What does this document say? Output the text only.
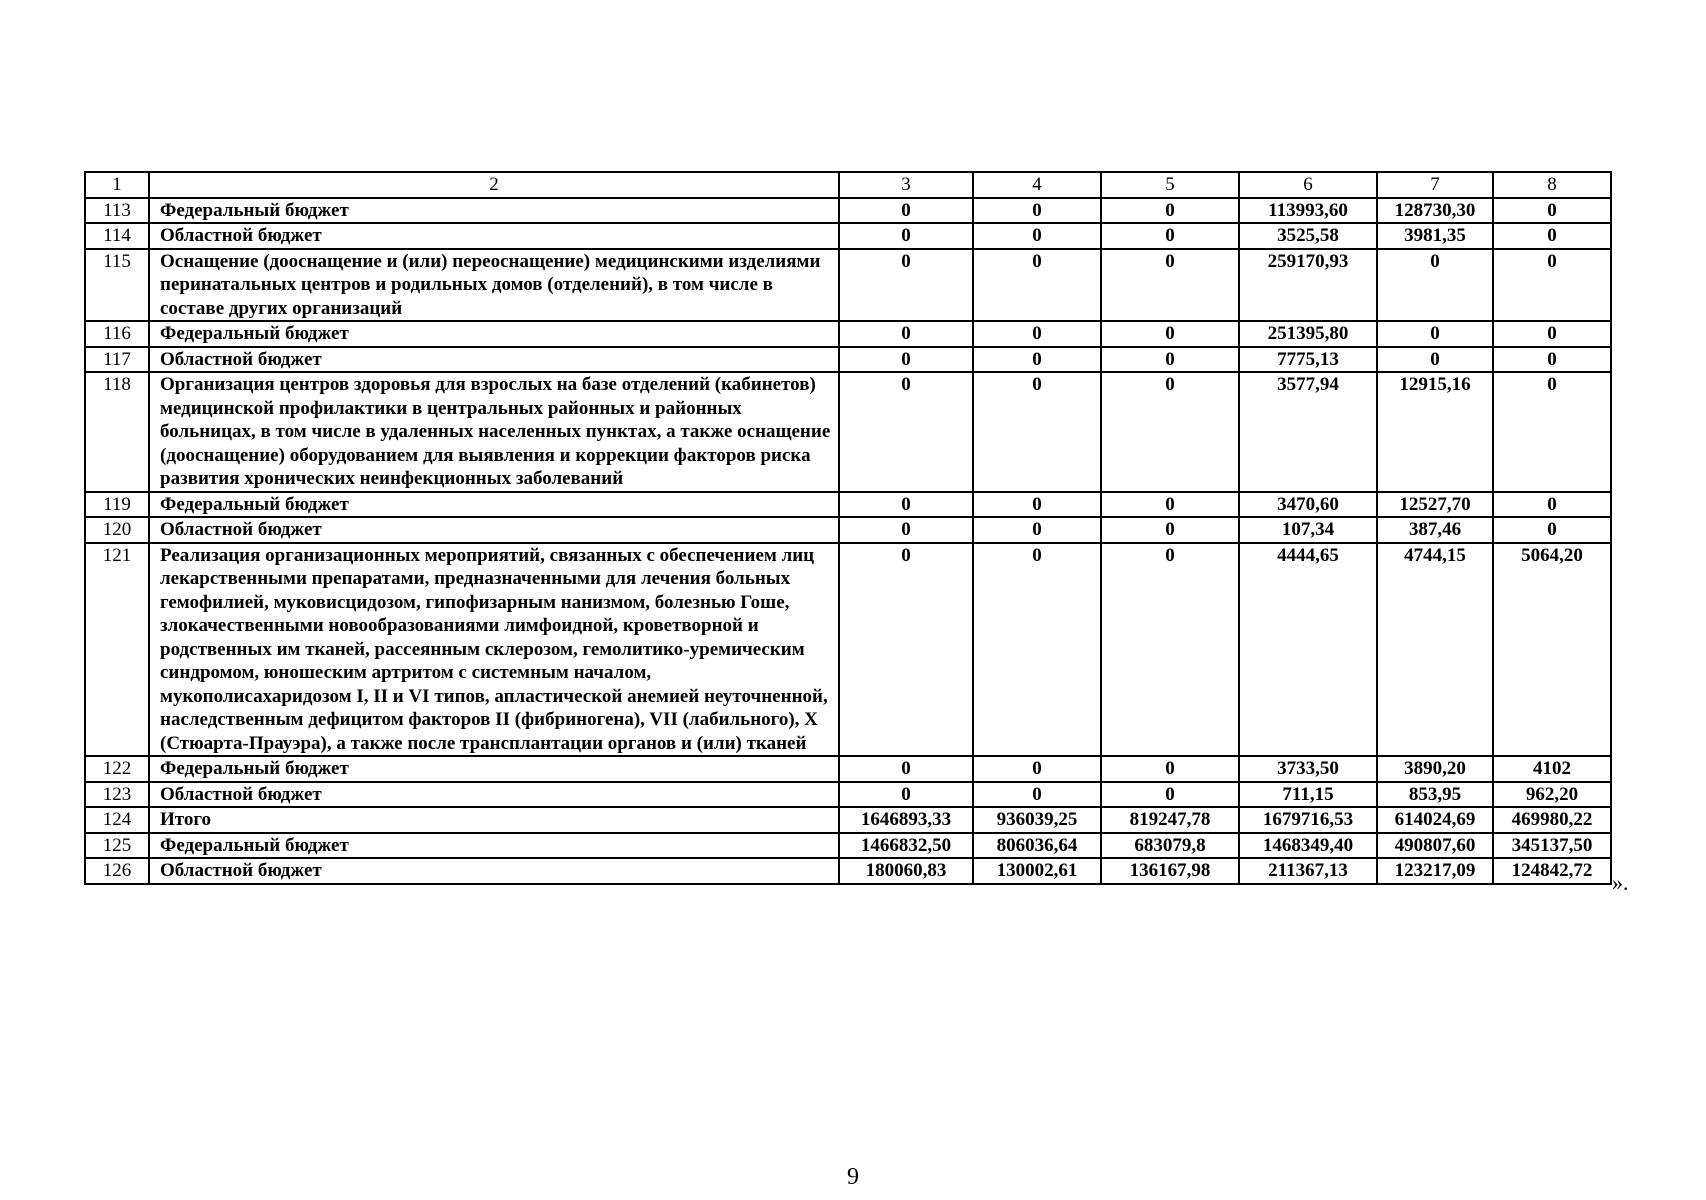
1	2	3	4	5	6	7	8
113	Федеральный бюджет	0	0	0	113993,60	128730,30	0
114	Областной бюджет	0	0	0	3525,58	3981,35	0
115	Оснащение (дооснащение и (или) переоснащение) медицинскими изделиями перинатальных центров и родильных домов (отделений), в том числе в составе других организаций	0	0	0	259170,93	0	0
116	Федеральный бюджет	0	0	0	251395,80	0	0
117	Областной бюджет	0	0	0	7775,13	0	0
118	Организация центров здоровья для взрослых на базе отделений (кабинетов) медицинской профилактики в центральных районных и районных больницах, в том числе в удаленных населенных пунктах, а также оснащение (дооснащение) оборудованием для выявления и коррекции факторов риска развития хронических неинфекционных заболеваний	0	0	0	3577,94	12915,16	0
119	Федеральный бюджет	0	0	0	3470,60	12527,70	0
120	Областной бюджет	0	0	0	107,34	387,46	0
121	Реализация организационных мероприятий, связанных с обеспечением лиц лекарственными препаратами, предназначенными для лечения больных гемофилией, муковисцидозом, гипофизарным нанизмом, болезнью Гоше, злокачественными новообразованиями лимфоидной, кроветворной и родственных им тканей, рассеянным склерозом, гемолитико-уремическим синдромом, юношеским артритом с системным началом, мукополисахаридозом I, II и VI типов, апластической анемией неуточненной, наследственным дефицитом факторов II (фибриногена), VII (лабильного), X (Стюарта-Прауэра), а также после трансплантации органов и (или) тканей	0	0	0	4444,65	4744,15	5064,20
122	Федеральный бюджет	0	0	0	3733,50	3890,20	4102
123	Областной бюджет	0	0	0	711,15	853,95	962,20
124	Итого	1646893,33	936039,25	819247,78	1679716,53	614024,69	469980,22
125	Федеральный бюджет	1466832,50	806036,64	683079,8	1468349,40	490807,60	345137,50
126	Областной бюджет	180060,83	130002,61	136167,98	211367,13	123217,09	124842,72 ».
9
